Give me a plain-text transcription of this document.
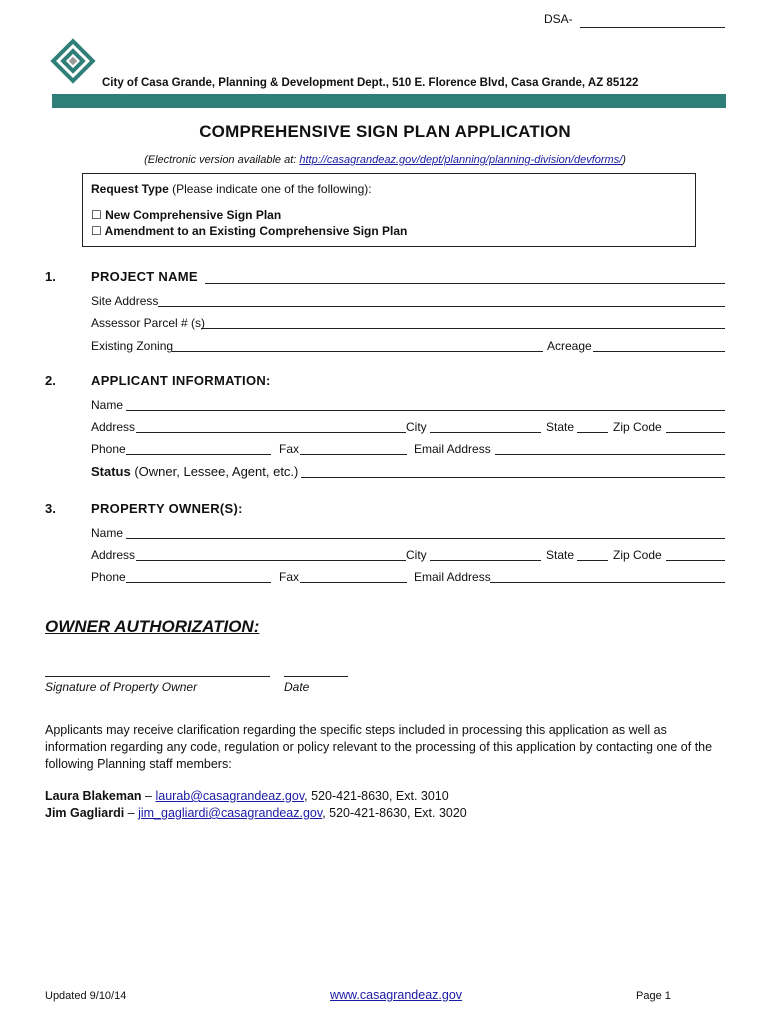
DSA-
City of Casa Grande, Planning & Development Dept., 510 E. Florence Blvd, Casa Grande, AZ 85122
COMPREHENSIVE SIGN PLAN APPLICATION
(Electronic version available at: http://casagrandeaz.gov/dept/planning/planning-division/devforms/)
Request Type (Please indicate one of the following):
☐ New Comprehensive Sign Plan
☐ Amendment to an Existing Comprehensive Sign Plan
1.	PROJECT NAME
Site Address
Assessor Parcel # (s)
Existing Zoning	Acreage
2.	APPLICANT INFORMATION:
Name
Address	City	State	Zip Code
Phone	Fax	Email Address
Status (Owner, Lessee, Agent, etc.)
3.	PROPERTY OWNER(S):
Name
Address	City	State	Zip Code
Phone	Fax	Email Address
OWNER AUTHORIZATION:
Signature of Property Owner	Date
Applicants may receive clarification regarding the specific steps included in processing this application as well as information regarding any code, regulation or policy relevant to the processing of this application by contacting one of the following Planning staff members:
Laura Blakeman – laurab@casagrandeaz.gov, 520-421-8630, Ext. 3010
Jim Gagliardi – jim_gagliardi@casagrandeaz.gov, 520-421-8630, Ext. 3020
Updated 9/10/14	www.casagrandeaz.gov	Page 1
